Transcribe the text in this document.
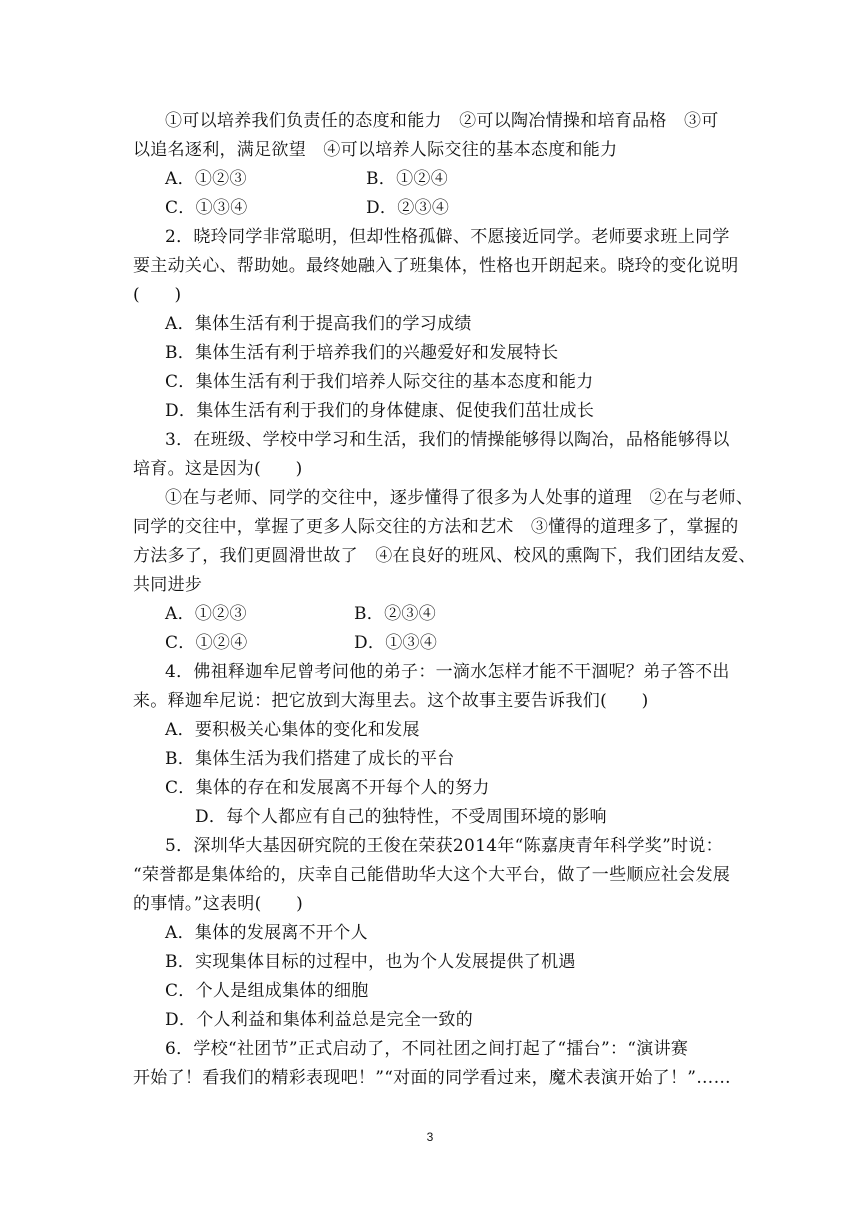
①可以培养我们负责任的态度和能力　②可以陶冶情操和培育品格　③可
以追名逐利，满足欲望　④可以培养人际交往的基本态度和能力
A．①②③	B．①②④
C．①③④	D．②③④
2．晓玲同学非常聪明，但却性格孤僻、不愿接近同学。老师要求班上同学
要主动关心、帮助她。最终她融入了班集体，性格也开朗起来。晓玲的变化说明
(　　)
A．集体生活有利于提高我们的学习成绩
B．集体生活有利于培养我们的兴趣爱好和发展特长
C．集体生活有利于我们培养人际交往的基本态度和能力
D．集体生活有利于我们的身体健康、促使我们茁壮成长
3．在班级、学校中学习和生活，我们的情操能够得以陶冶，品格能够得以
培育。这是因为(　　)
①在与老师、同学的交往中，逐步懂得了很多为人处事的道理　②在与老师、
同学的交往中，掌握了更多人际交往的方法和艺术　③懂得的道理多了，掌握的
方法多了，我们更圆滑世故了　④在良好的班风、校风的熏陶下，我们团结友爱、
共同进步
A．①②③	B．②③④
C．①②④	D．①③④
4．佛祖释迦牟尼曾考问他的弟子：一滴水怎样才能不干涸呢？弟子答不出
来。释迦牟尼说：把它放到大海里去。这个故事主要告诉我们(　　)
A．要积极关心集体的变化和发展
B．集体生活为我们搭建了成长的平台
C．集体的存在和发展离不开每个人的努力
D．每个人都应有自己的独特性，不受周围环境的影响
5．深圳华大基因研究院的王俊在荣获2014年“陈嘉庚青年科学奖”时说：
“荣誉都是集体给的，庆幸自己能借助华大这个大平台，做了一些顺应社会发展
的事情。”这表明(　　)
A．集体的发展离不开个人
B．实现集体目标的过程中，也为个人发展提供了机遇
C．个人是组成集体的细胞
D．个人利益和集体利益总是完全一致的
6．学校“社团节”正式启动了，不同社团之间打起了“擂台”：“演讲赛
开始了！看我们的精彩表现吧！”“对面的同学看过来，魔术表演开始了！”……
3
